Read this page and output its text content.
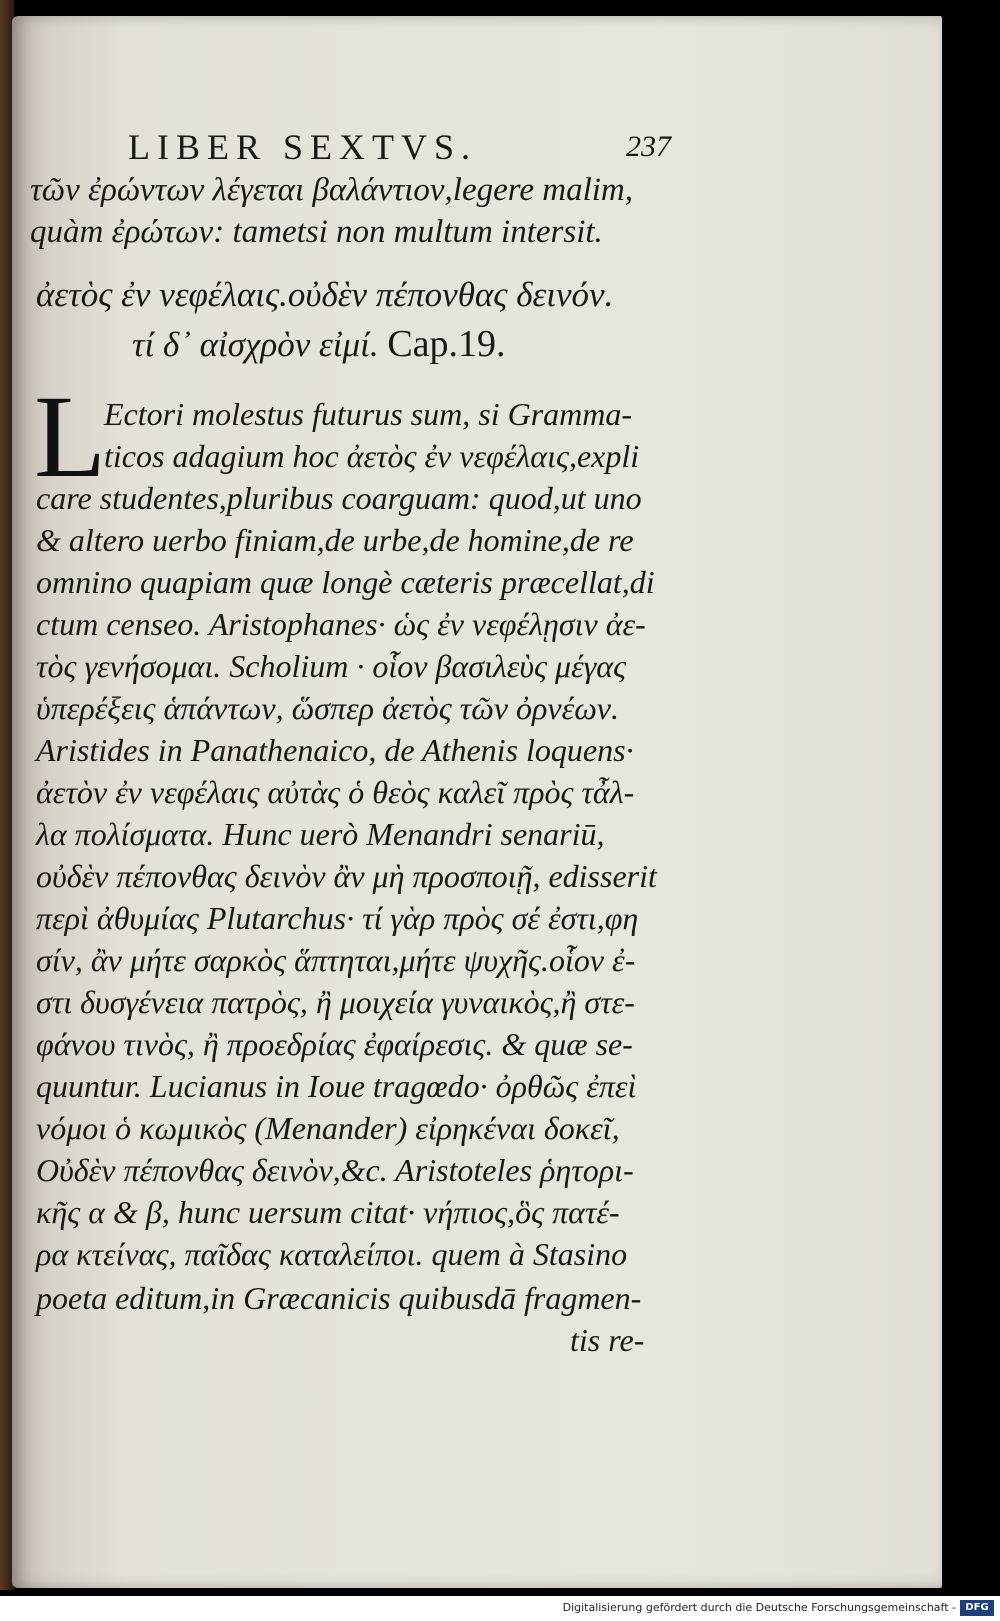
LIBER SEXTVS.	237
τῶν ἐρώντων λέγεται βαλάντιον,legere malim,
quàm ἐρώτων: tametsi non multum intersit.
ἀετὸς ἐν νεφέλαις.οὐδὲν πέπονθας δεινόν.
τί δ᾽ αἰσχρὸν εἰμί. Cap.19.
L
Ectori molestus futurus sum, si Gramma-
ticos adagium hoc ἀετὸς ἐν νεφέλαις,expli
care studentes,pluribus coarguam: quod,ut uno
& altero uerbo finiam,de urbe,de homine,de re
omnino quapiam quæ longè cæteris præcellat,di
ctum censeo. Aristophanes· ὡς ἐν νεφέλῃσιν ἀε-
τὸς γενήσομαι. Scholium · οἷον βασιλεὺς μέγας
ὑπερέξεις ἁπάντων, ὥσπερ ἀετὸς τῶν ὀρνέων.
Aristides in Panathenaico, de Athenis loquens·
ἀετὸν ἐν νεφέλαις αὐτὰς ὁ θεὸς καλεῖ πρὸς τἆλ-
λα πολίσματα. Hunc uerò Menandri senariū,
οὐδὲν πέπονθας δεινὸν ἂν μὴ προσποιῇ, edisserit
περὶ ἀθυμίας Plutarchus· τί γὰρ πρὸς σέ ἐστι,φη
σίν, ἂν μήτε σαρκὸς ἅπτηται,μήτε ψυχῆς.οἷον ἐ-
στι δυσγένεια πατρὸς, ἢ μοιχεία γυναικὸς,ἢ στε-
φάνου τινὸς, ἢ προεδρίας ἐφαίρεσις. & quæ se-
quuntur. Lucianus in Ioue tragœdo· ὀρθῶς ἐπεὶ
νόμοι ὁ κωμικὸς (Menander) εἰρηκέναι δοκεῖ,
Οὐδὲν πέπονθας δεινὸν,&c. Aristoteles ῥητορι-
κῆς α & β, hunc uersum citat· νήπιος,ὃς πατέ-
ρα κτείνας, παῖδας καταλείποι. quem à Stasino
poeta editum,in Græcanicis quibusdā fragmen-
tis re-
Digitalisierung gefördert durch die Deutsche Forschungsgemeinschaft - DFG
